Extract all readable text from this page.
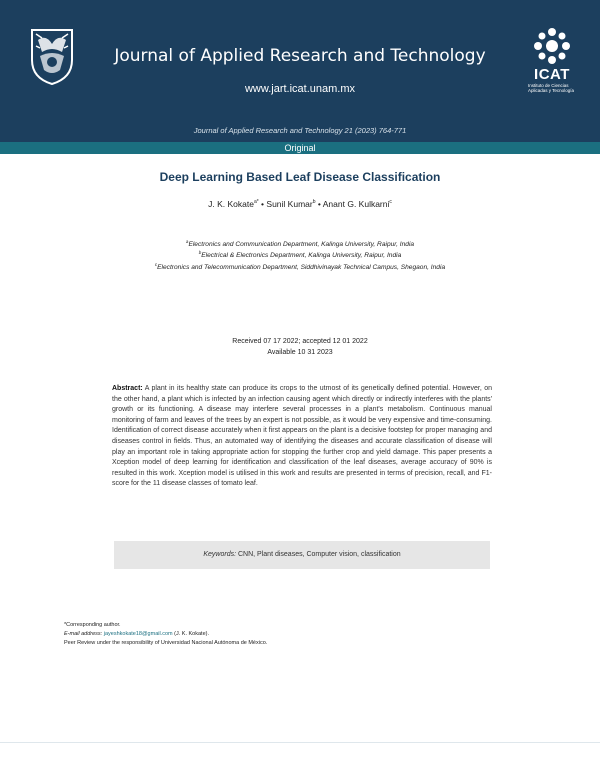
Journal of Applied Research and Technology
www.jart.icat.unam.mx
ICAT
Instituto de Ciencias
Aplicadas y Tecnología
Journal of Applied Research and Technology 21 (2023) 764-771
Original
Deep Learning Based Leaf Disease Classification
J. K. Kokate$^{a*}$ • Sunil Kumar$^b$ • Anant G. Kulkarni$^c$
$^a$Electronics and Communication Department, Kalinga University, Raipur, India
$^b$Electrical & Electronics Department, Kalinga University, Raipur, India
$^c$Electronics and Telecommunication Department, Siddhivinayak Technical Campus, Shegaon, India
Received 07 17 2022; accepted 12 01 2022
Available 10 31 2023
Abstract: A plant in its healthy state can produce its crops to the utmost of its genetically defined potential. However, on the other hand, a plant which is infected by an infection causing agent which directly or indirectly interferes with the plants' growth or its functioning. A disease may interfere several processes in a plant's metabolism. Continuous manual monitoring of farm and leaves of the trees by an expert is not possible, as it would be very expensive and time-consuming. Identification of correct disease accurately when it first appears on the plant is a decisive footstep for proper managing and diseases control in fields. Thus, an automated way of identifying the diseases and accurate classification of disease will play an important role in taking appropriate action for stopping the further crop and yield damage. This paper presents a Xception model of deep learning for identification and classification of the leaf diseases, average accuracy of 90% is resulted in this work. Xception model is utilised in this work and results are presented in terms of precision, recall, and F1-score for the 11 disease classes of tomato leaf.
Keywords: CNN, Plant diseases, Computer vision, classification
*Corresponding author.
E-mail address: jayeshkokate18@gmail.com (J. K. Kokate).
Peer Review under the responsibility of Universidad Nacional Autónoma de México.
